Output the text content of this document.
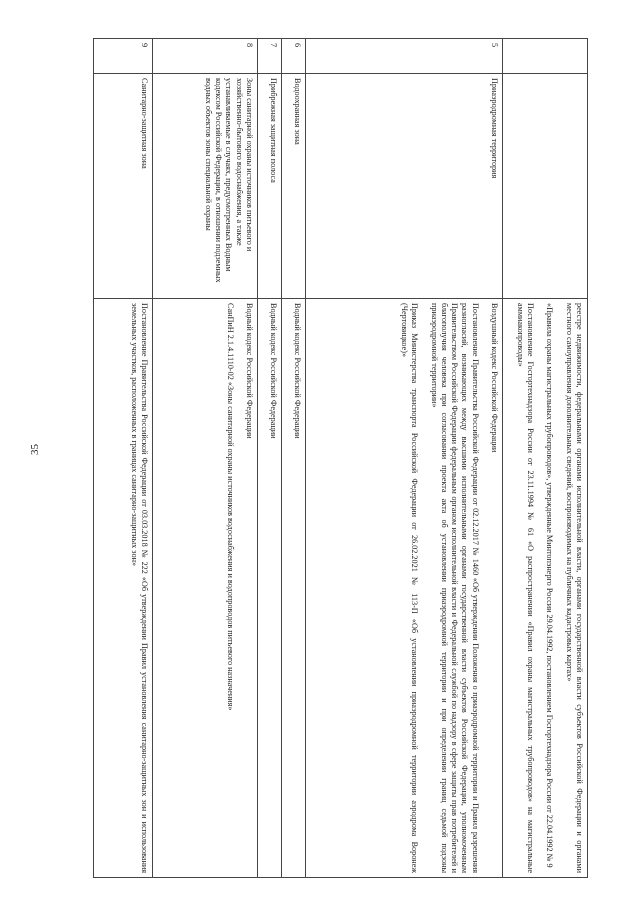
35

		реестре недвижимости, федеральными органами исполнительной власти, органами государственной власти субъектов Российской Федерации и органами местного самоуправления дополнительных сведений, воспроизводимых на публичных кадастровых картах»

«Правила охраны магистральных трубопроводов», утвержденные Минтопэнерго России 29.04.1992, постановлением Госгортехнадзора России от 22.04.1992 № 9

Постановление Госгортехнадзора России от 23.11.1994 № 61 «О распространении «Правил охраны магистральных трубопроводов» на магистральные аммиакопроводы»

5	Приаэродромная территория	Воздушный кодекс Российской Федерации

Постановление Правительства Российской Федерации от 02.12.2017 № 1460 «Об утверждении Положения о приаэродромной территории и Правил разрешения разногласий, возникающих между высшими исполнительными органами государственной власти субъектов Российской Федерации, уполномоченным Правительством Российской Федерации федеральным органом исполнительной власти и Федеральной службой по надзору в сфере защиты прав потребителей и благополучия человека при согласовании проекта акта об установлении приаэродромной территории и при определении границ седьмой подзоны приаэродромной территории»

Приказ Министерства транспорта Российской Федерации от 26.02.2021 № 113-П «Об установлении приаэродромной территории аэродрома Воронеж (Чертовицкое)»

6	Водоохранная зона	Водный кодекс Российской Федерации

7	Прибрежная защитная полоса	Водный кодекс Российской Федерации

8	Зоны санитарной охраны источников питьевого и хозяйственно-бытового водоснабжения, а также устанавливаемые в случаях, предусмотренных Водным кодексом Российской Федерации, в отношении подземных водных объектов зоны специальной охраны	Водный кодекс Российской Федерации

СанПиН 2.1.4.1110-02 «Зоны санитарной охраны источников водоснабжения и водопроводов питьевого назначения»

9	Санитарно-защитная зона	Постановление Правительства Российской Федерации от 03.03.2018 № 222 «Об утверждении Правил установления санитарно-защитных зон и использования земельных участков, расположенных в границах санитарно-защитных зон»
